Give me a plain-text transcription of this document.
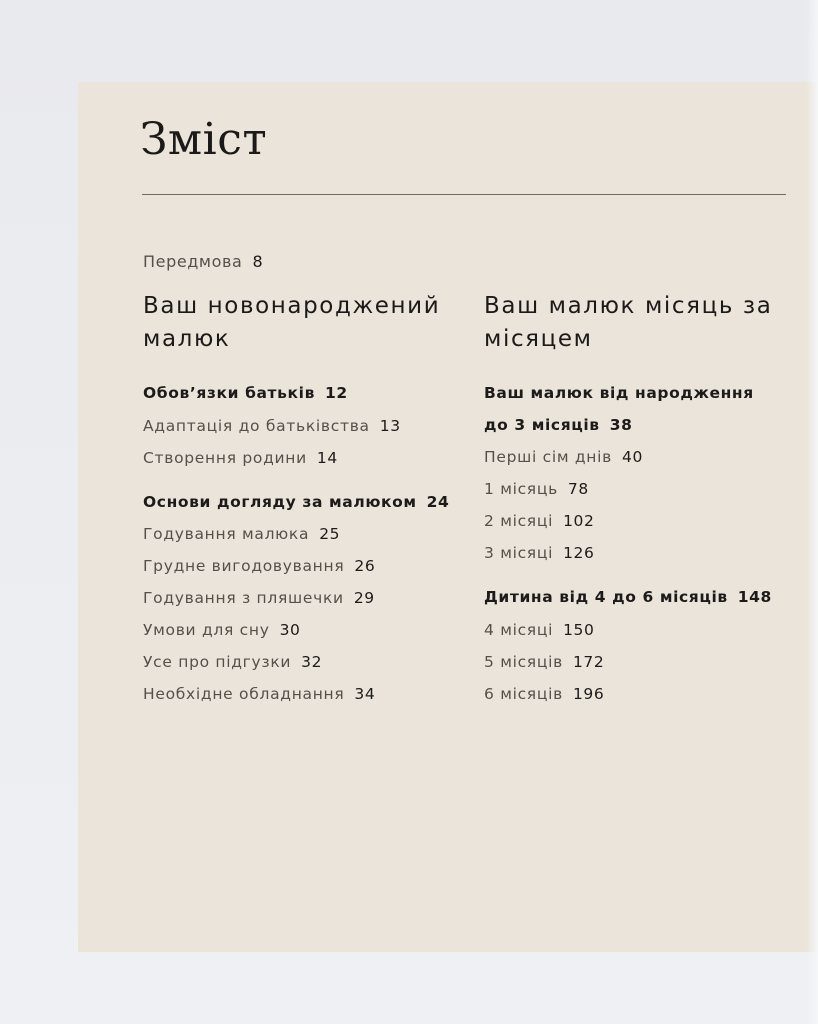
Зміст
Передмова 8
Ваш новонароджений малюк
Обов’язки батьків 12
Адаптація до батьківства 13
Створення родини 14
Основи догляду за малюком 24
Годування малюка 25
Грудне вигодовування 26
Годування з пляшечки 29
Умови для сну 30
Усе про підгузки 32
Необхідне обладнання 34
Ваш малюк місяць за місяцем
Ваш малюк від народження
до 3 місяців 38
Перші сім днів 40
1 місяць 78
2 місяці 102
3 місяці 126
Дитина від 4 до 6 місяців 148
4 місяці 150
5 місяців 172
6 місяців 196
